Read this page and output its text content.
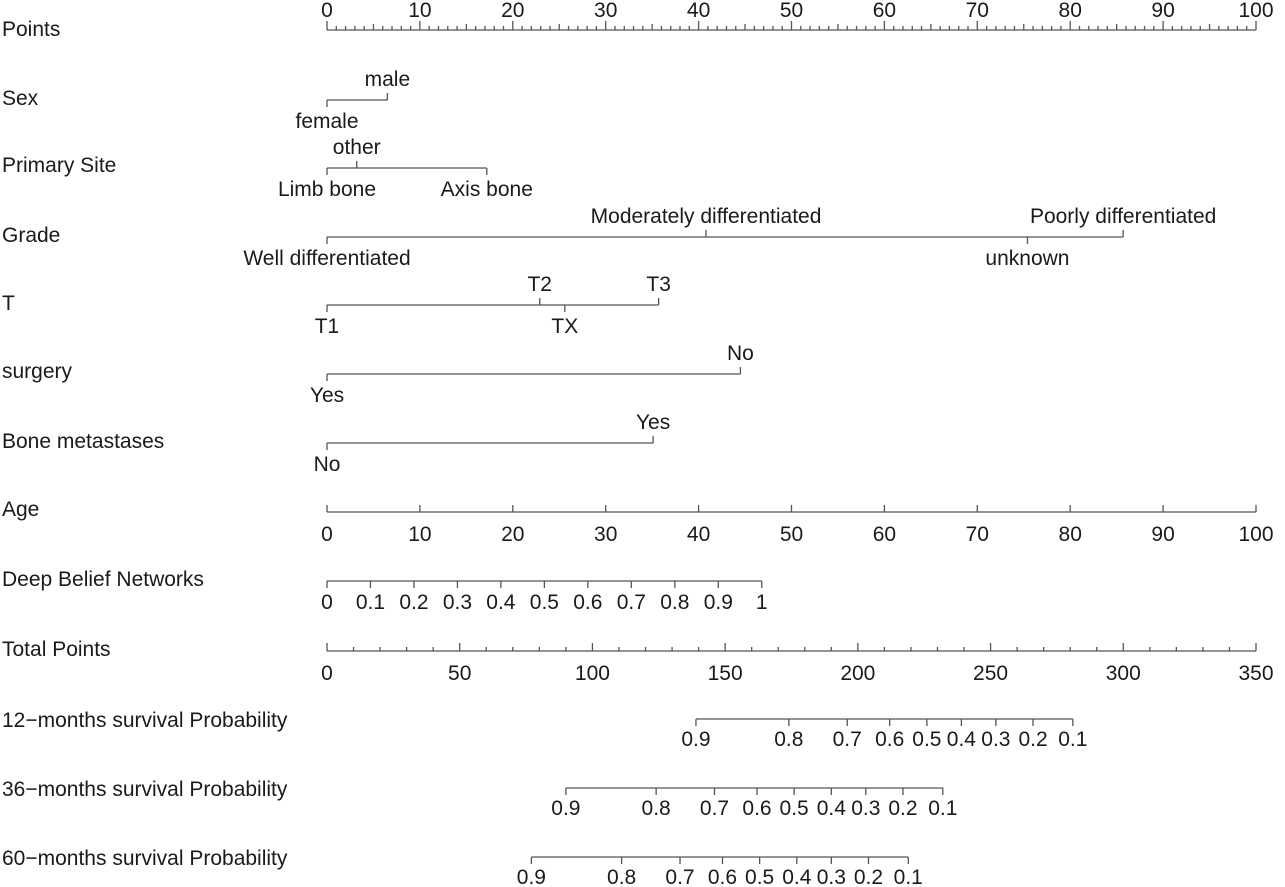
Points
0	10	20	30	40	50	60	70	80	90	100
Sex
female
male
Primary Site
Limb bone
other
Axis bone
Grade
Well differentiated
Moderately differentiated
unknown
Poorly differentiated
T
T1
T2
TX
T3
surgery
Yes
No
Bone metastases
No
Yes
Age
0	10	20	30	40	50	60	70	80	90	100
Deep Belief Networks
0 0.1 0.2 0.3 0.4 0.5 0.6 0.7 0.8 0.9 1
Total Points
0	50	100	150	200	250	300	350
12−months survival Probability
0.9	0.8 0.7 0.6 0.5 0.4 0.3 0.2 0.1
36−months survival Probability
0.9	0.8 0.7 0.6 0.5 0.4 0.3 0.2 0.1
60−months survival Probability
0.9	0.8 0.7 0.6 0.5 0.4 0.3 0.2 0.1
